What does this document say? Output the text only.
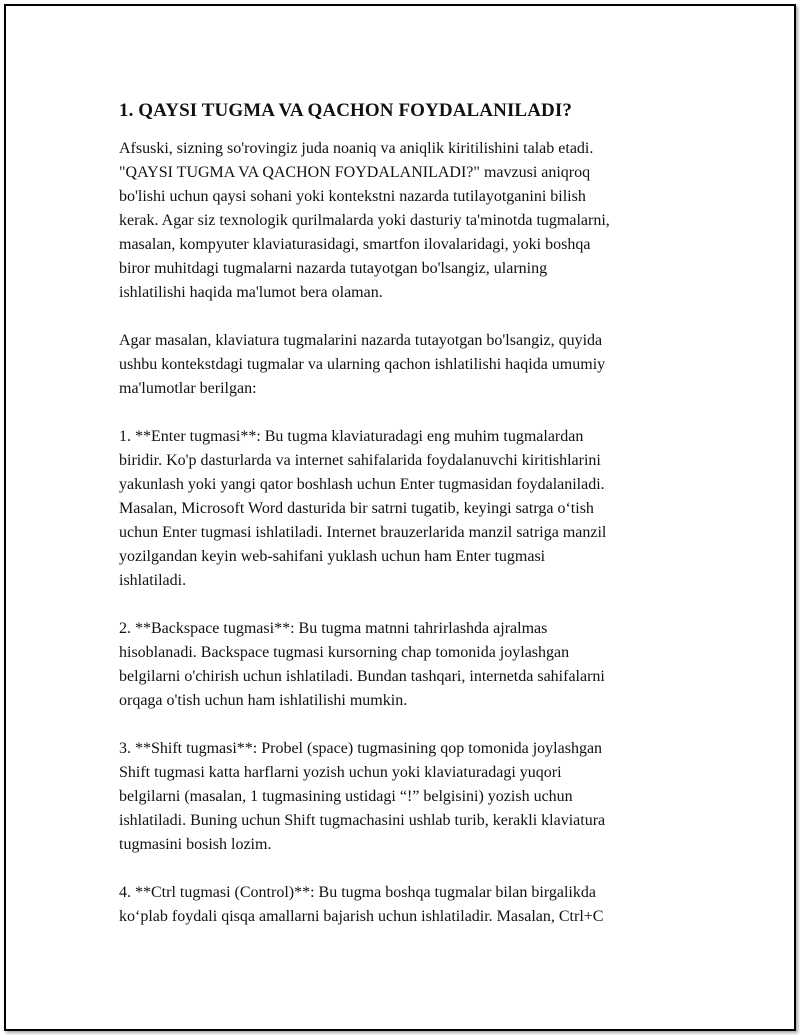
1. QAYSI TUGMA VA QACHON FOYDALANILADI?

Afsuski, sizning so'rovingiz juda noaniq va aniqlik kiritilishini talab etadi.
"QAYSI TUGMA VA QACHON FOYDALANILADI?" mavzusi aniqroq
bo'lishi uchun qaysi sohani yoki kontekstni nazarda tutilayotganini bilish
kerak. Agar siz texnologik qurilmalarda yoki dasturiy ta'minotda tugmalarni,
masalan, kompyuter klaviaturasidagi, smartfon ilovalaridagi, yoki boshqa
biror muhitdagi tugmalarni nazarda tutayotgan bo'lsangiz, ularning
ishlatilishi haqida ma'lumot bera olaman.

Agar masalan, klaviatura tugmalarini nazarda tutayotgan bo'lsangiz, quyida
ushbu kontekstdagi tugmalar va ularning qachon ishlatilishi haqida umumiy
ma'lumotlar berilgan:

1. **Enter tugmasi**: Bu tugma klaviaturadagi eng muhim tugmalardan
biridir. Ko'p dasturlarda va internet sahifalarida foydalanuvchi kiritishlarini
yakunlash yoki yangi qator boshlash uchun Enter tugmasidan foydalaniladi.
Masalan, Microsoft Word dasturida bir satrni tugatib, keyingi satrga o‘tish
uchun Enter tugmasi ishlatiladi. Internet brauzerlarida manzil satriga manzil
yozilgandan keyin web-sahifani yuklash uchun ham Enter tugmasi
ishlatiladi.

2. **Backspace tugmasi**: Bu tugma matnni tahrirlashda ajralmas
hisoblanadi. Backspace tugmasi kursorning chap tomonida joylashgan
belgilarni o'chirish uchun ishlatiladi. Bundan tashqari, internetda sahifalarni
orqaga o'tish uchun ham ishlatilishi mumkin.

3. **Shift tugmasi**: Probel (space) tugmasining qop tomonida joylashgan
Shift tugmasi katta harflarni yozish uchun yoki klaviaturadagi yuqori
belgilarni (masalan, 1 tugmasining ustidagi “!” belgisini) yozish uchun
ishlatiladi. Buning uchun Shift tugmachasini ushlab turib, kerakli klaviatura
tugmasini bosish lozim.

4. **Ctrl tugmasi (Control)**: Bu tugma boshqa tugmalar bilan birgalikda
ko‘plab foydali qisqa amallarni bajarish uchun ishlatiladir. Masalan, Ctrl+C
